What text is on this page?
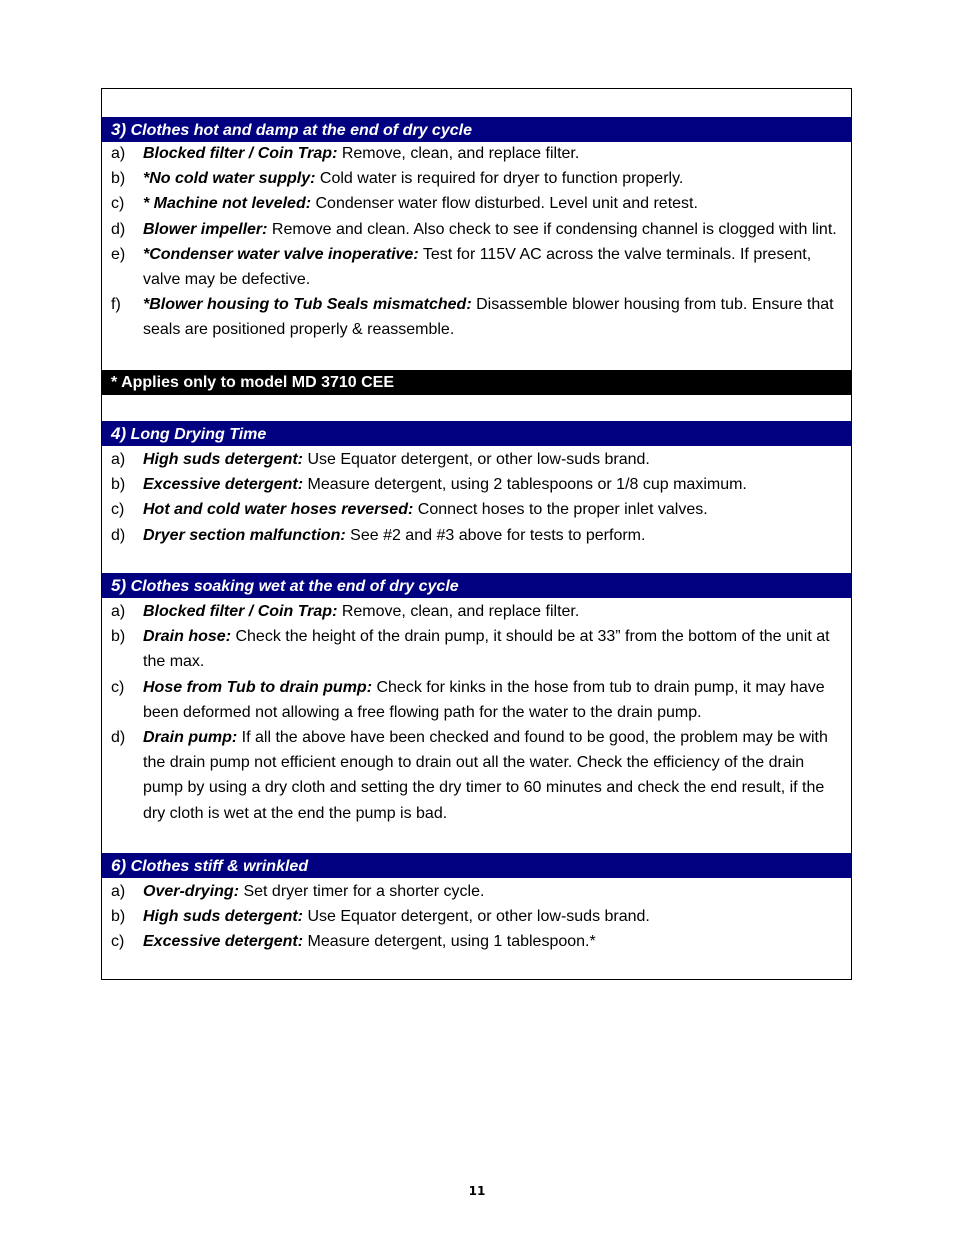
3) Clothes hot and damp at the end of dry cycle
a) Blocked filter / Coin Trap: Remove, clean, and replace filter.
b) *No cold water supply: Cold water is required for dryer to function properly.
c) * Machine not leveled: Condenser water flow disturbed. Level unit and retest.
d) Blower impeller: Remove and clean. Also check to see if condensing channel is clogged with lint.
e) *Condenser water valve inoperative: Test for 115V AC across the valve terminals. If present, valve may be defective.
f) *Blower housing to Tub Seals mismatched: Disassemble blower housing from tub. Ensure that seals are positioned properly & reassemble.
* Applies only to model MD 3710 CEE
4) Long Drying Time
a) High suds detergent: Use Equator detergent, or other low-suds brand.
b) Excessive detergent: Measure detergent, using 2 tablespoons or 1/8 cup maximum.
c) Hot and cold water hoses reversed: Connect hoses to the proper inlet valves.
d) Dryer section malfunction: See #2 and #3 above for tests to perform.
5) Clothes soaking wet at the end of dry cycle
a) Blocked filter / Coin Trap: Remove, clean, and replace filter.
b) Drain hose: Check the height of the drain pump, it should be at 33” from the bottom of the unit at the max.
c) Hose from Tub to drain pump: Check for kinks in the hose from tub to drain pump, it may have been deformed not allowing a free flowing path for the water to the drain pump.
d) Drain pump: If all the above have been checked and found to be good, the problem may be with the drain pump not efficient enough to drain out all the water. Check the efficiency of the drain pump by using a dry cloth and setting the dry timer to 60 minutes and check the end result, if the dry cloth is wet at the end the pump is bad.
6) Clothes stiff & wrinkled
a) Over-drying: Set dryer timer for a shorter cycle.
b) High suds detergent: Use Equator detergent, or other low-suds brand.
c) Excessive detergent: Measure detergent, using 1 tablespoon.*
11
